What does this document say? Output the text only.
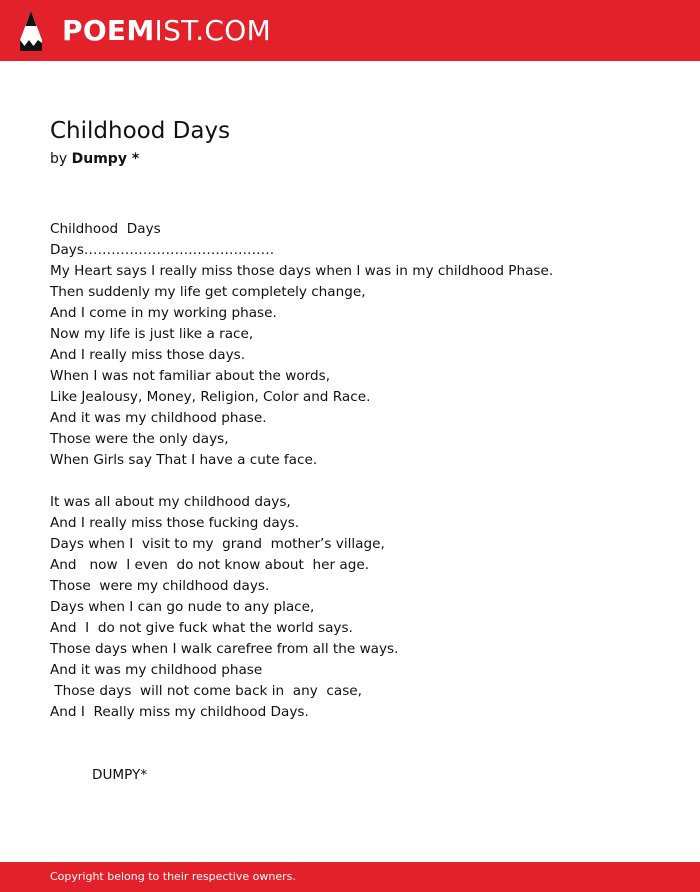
POEMIST.COM
Childhood Days
by Dumpy *
Childhood  Days
Days……………………………………
My Heart says I really miss those days when I was in my childhood Phase.
Then suddenly my life get completely change,
And I come in my working phase.
Now my life is just like a race,
And I really miss those days.
When I was not familiar about the words,
Like Jealousy, Money, Religion, Color and Race.
And it was my childhood phase.
Those were the only days,
When Girls say That I have a cute face.
It was all about my childhood days,
And I really miss those fucking days.
Days when I  visit to my  grand  mother’s village,
And   now  I even  do not know about  her age.
Those  were my childhood days.
Days when I can go nude to any place,
And  I  do not give fuck what the world says.
Those days when I walk carefree from all the ways.
And it was my childhood phase
Those days  will not come back in  any  case,
And I  Really miss my childhood Days.
DUMPY*
Copyright belong to their respective owners.
